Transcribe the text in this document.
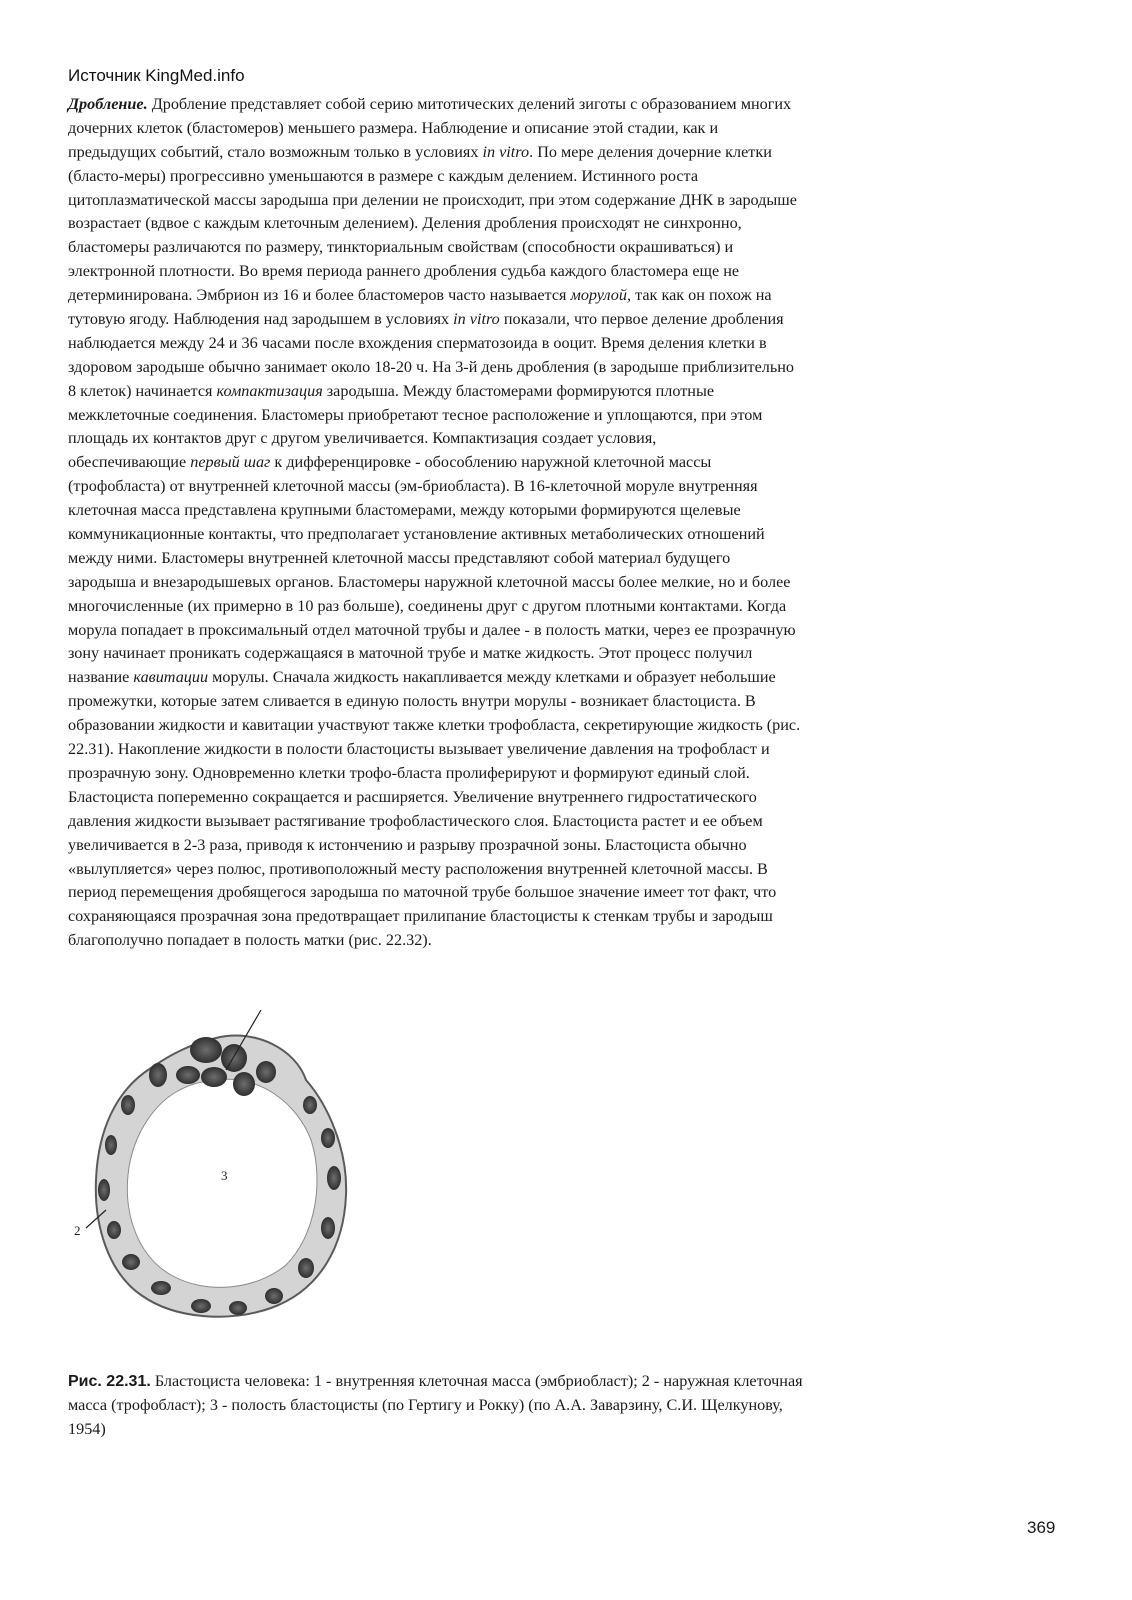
Источник KingMed.info
Дробление. Дробление представляет собой серию митотических делений зиготы с образованием многих
дочерних клеток (бластомеров) меньшего размера. Наблюдение и описание этой стадии, как и
предыдущих событий, стало возможным только в условиях in vitro. По мере деления дочерние клетки
(бласто-меры) прогрессивно уменьшаются в размере с каждым делением. Истинного роста
цитоплазматической массы зародыша при делении не происходит, при этом содержание ДНК в зародыше
возрастает (вдвое с каждым клеточным делением). Деления дробления происходят не синхронно,
бластомеры различаются по размеру, тинкториальным свойствам (способности окрашиваться) и
электронной плотности. Во время периода раннего дробления судьба каждого бластомера еще не
детерминирована. Эмбрион из 16 и более бластомеров часто называется морулой, так как он похож на
тутовую ягоду. Наблюдения над зародышем в условиях in vitro показали, что первое деление дробления
наблюдается между 24 и 36 часами после вхождения сперматозоида в ооцит. Время деления клетки в
здоровом зародыше обычно занимает около 18-20 ч. На 3-й день дробления (в зародыше приблизительно
8 клеток) начинается компактизация зародыша. Между бластомерами формируются плотные
межклеточные соединения. Бластомеры приобретают тесное расположение и уплощаются, при этом
площадь их контактов друг с другом увеличивается. Компактизация создает условия,
обеспечивающие первый шаг к дифференцировке - обособлению наружной клеточной массы
(трофобласта) от внутренней клеточной массы (эм-бриобласта). В 16-клеточной моруле внутренняя
клеточная масса представлена крупными бластомерами, между которыми формируются щелевые
коммуникационные контакты, что предполагает установление активных метаболических отношений
между ними. Бластомеры внутренней клеточной массы представляют собой материал будущего
зародыша и внезародышевых органов. Бластомеры наружной клеточной массы более мелкие, но и более
многочисленные (их примерно в 10 раз больше), соединены друг с другом плотными контактами. Когда
морула попадает в проксимальный отдел маточной трубы и далее - в полость матки, через ее прозрачную
зону начинает проникать содержащаяся в маточной трубе и матке жидкость. Этот процесс получил
название кавитации морулы. Сначала жидкость накапливается между клетками и образует небольшие
промежутки, которые затем сливается в единую полость внутри морулы - возникает бластоциста. В
образовании жидкости и кавитации участвуют также клетки трофобласта, секретирующие жидкость (рис.
22.31). Накопление жидкости в полости бластоцисты вызывает увеличение давления на трофобласт и
прозрачную зону. Одновременно клетки трофо-бласта пролиферируют и формируют единый слой.
Бластоциста попеременно сокращается и расширяется. Увеличение внутреннего гидростатического
давления жидкости вызывает растягивание трофобластического слоя. Бластоциста растет и ее объем
увеличивается в 2-3 раза, приводя к истончению и разрыву прозрачной зоны. Бластоциста обычно
«вылупляется» через полюс, противоположный месту расположения внутренней клеточной массы. В
период перемещения дробящегося зародыша по маточной трубе большое значение имеет тот факт, что
сохраняющаяся прозрачная зона предотвращает прилипание бластоцисты к стенкам трубы и зародыш
благополучно попадает в полость матки (рис. 22.32).
3
2
Рис. 22.31. Бластоциста человека: 1 - внутренняя клеточная масса (эмбриобласт); 2 - наружная клеточная
масса (трофобласт); 3 - полость бластоцисты (по Гертигу и Рокку) (по А.А. Заварзину, С.И. Щелкунову,
1954)
369
